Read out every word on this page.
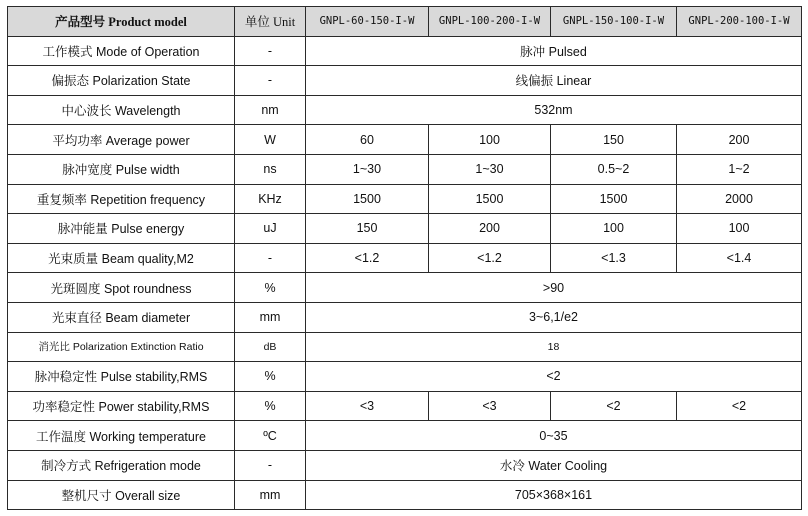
产品型号 Product model	单位 Unit	GNPL-60-150-I-W	GNPL-100-200-I-W	GNPL-150-100-I-W	GNPL-200-100-I-W
工作模式 Mode of Operation	-	脉冲 Pulsed			
偏振态 Polarization State	-	线偏振 Linear			
中心波长 Wavelength	nm	532nm			
平均功率 Average power	W	60	100	150	200
脉冲宽度 Pulse width	ns	1~30	1~30	0.5~2	1~2
重复频率 Repetition frequency	KHz	1500	1500	1500	2000
脉冲能量 Pulse energy	uJ	150	200	100	100
光束质量 Beam quality,M2	-	<1.2	<1.2	<1.3	<1.4
光斑圆度 Spot roundness	%	>90			
光束直径 Beam diameter	mm	3~6,1/e2			
消光比 Polarization Extinction Ratio	dB	18			
脉冲稳定性 Pulse stability,RMS	%	<2			
功率稳定性 Power stability,RMS	%	<3	<3	<2	<2
工作温度 Working temperature	ºC	0~35			
制冷方式 Refrigeration mode	-	水冷 Water Cooling			
整机尺寸 Overall size	mm	705×368×161			
